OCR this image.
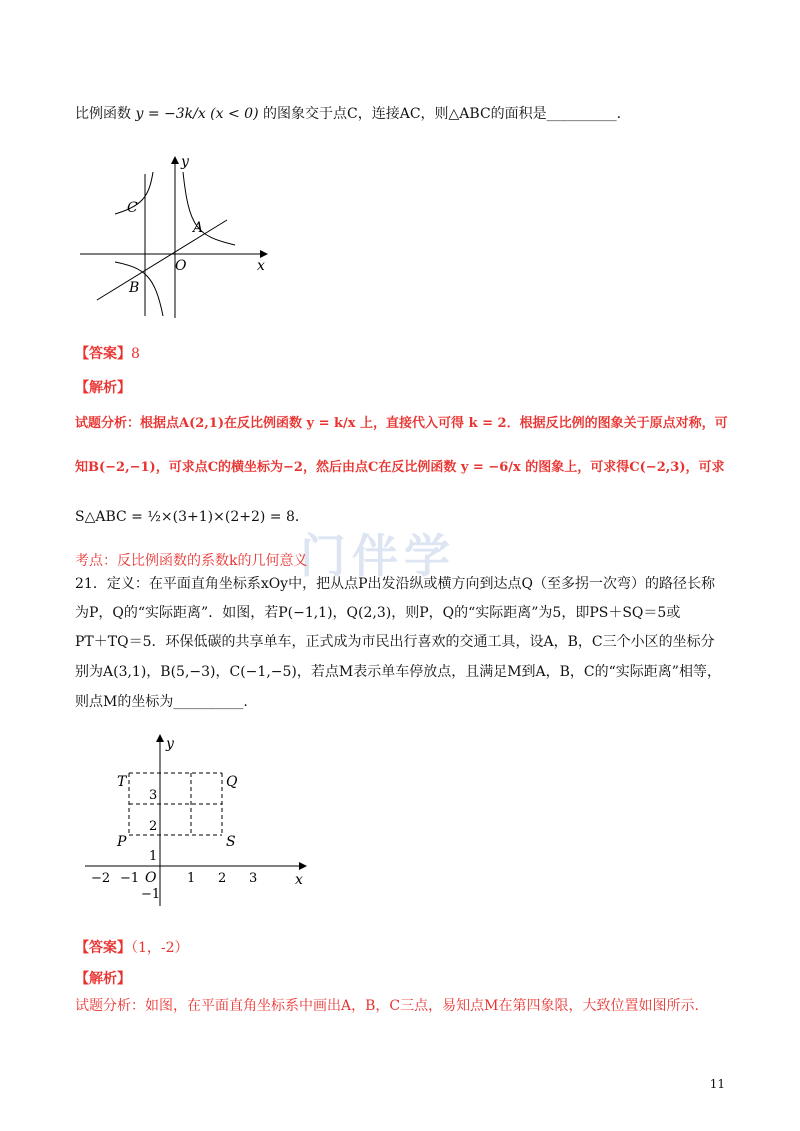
门伴学
比例函数 y = −3k/x (x < 0) 的图象交于点C，连接AC，则△ABC的面积是__________.
y
x
O
A
B
C
【答案】8
【解析】
试题分析：根据点A(2,1)在反比例函数 y = k/x 上，直接代入可得 k = 2．根据反比例的图象关于原点对称，可
知B(−2,−1)，可求点C的横坐标为−2，然后由点C在反比例函数 y = −6/x 的图象上，可求得C(−2,3)，可求
S△ABC = ½×(3+1)×(2+2) = 8．
考点：反比例函数的系数k的几何意义
21．定义：在平面直角坐标系xOy中，把从点P出发沿纵或横方向到达点Q（至多拐一次弯）的路径长称
为P，Q的“实际距离”．如图，若P(−1,1)，Q(2,3)，则P，Q的“实际距离”为5，即PS＋SQ＝5或
PT＋TQ＝5．环保低碳的共享单车，正式成为市民出行喜欢的交通工具，设A，B，C三个小区的坐标分
别为A(3,1)，B(5,−3)，C(−1,−5)，若点M表示单车停放点，且满足M到A，B，C的“实际距离”相等，
则点M的坐标为__________.
y
x
O
T	Q
P	S
−2 −1	1 2 3
3
2
1
−1
【答案】（1，-2）
【解析】
试题分析：如图，在平面直角坐标系中画出A，B，C三点，易知点M在第四象限，大致位置如图所示.
11
